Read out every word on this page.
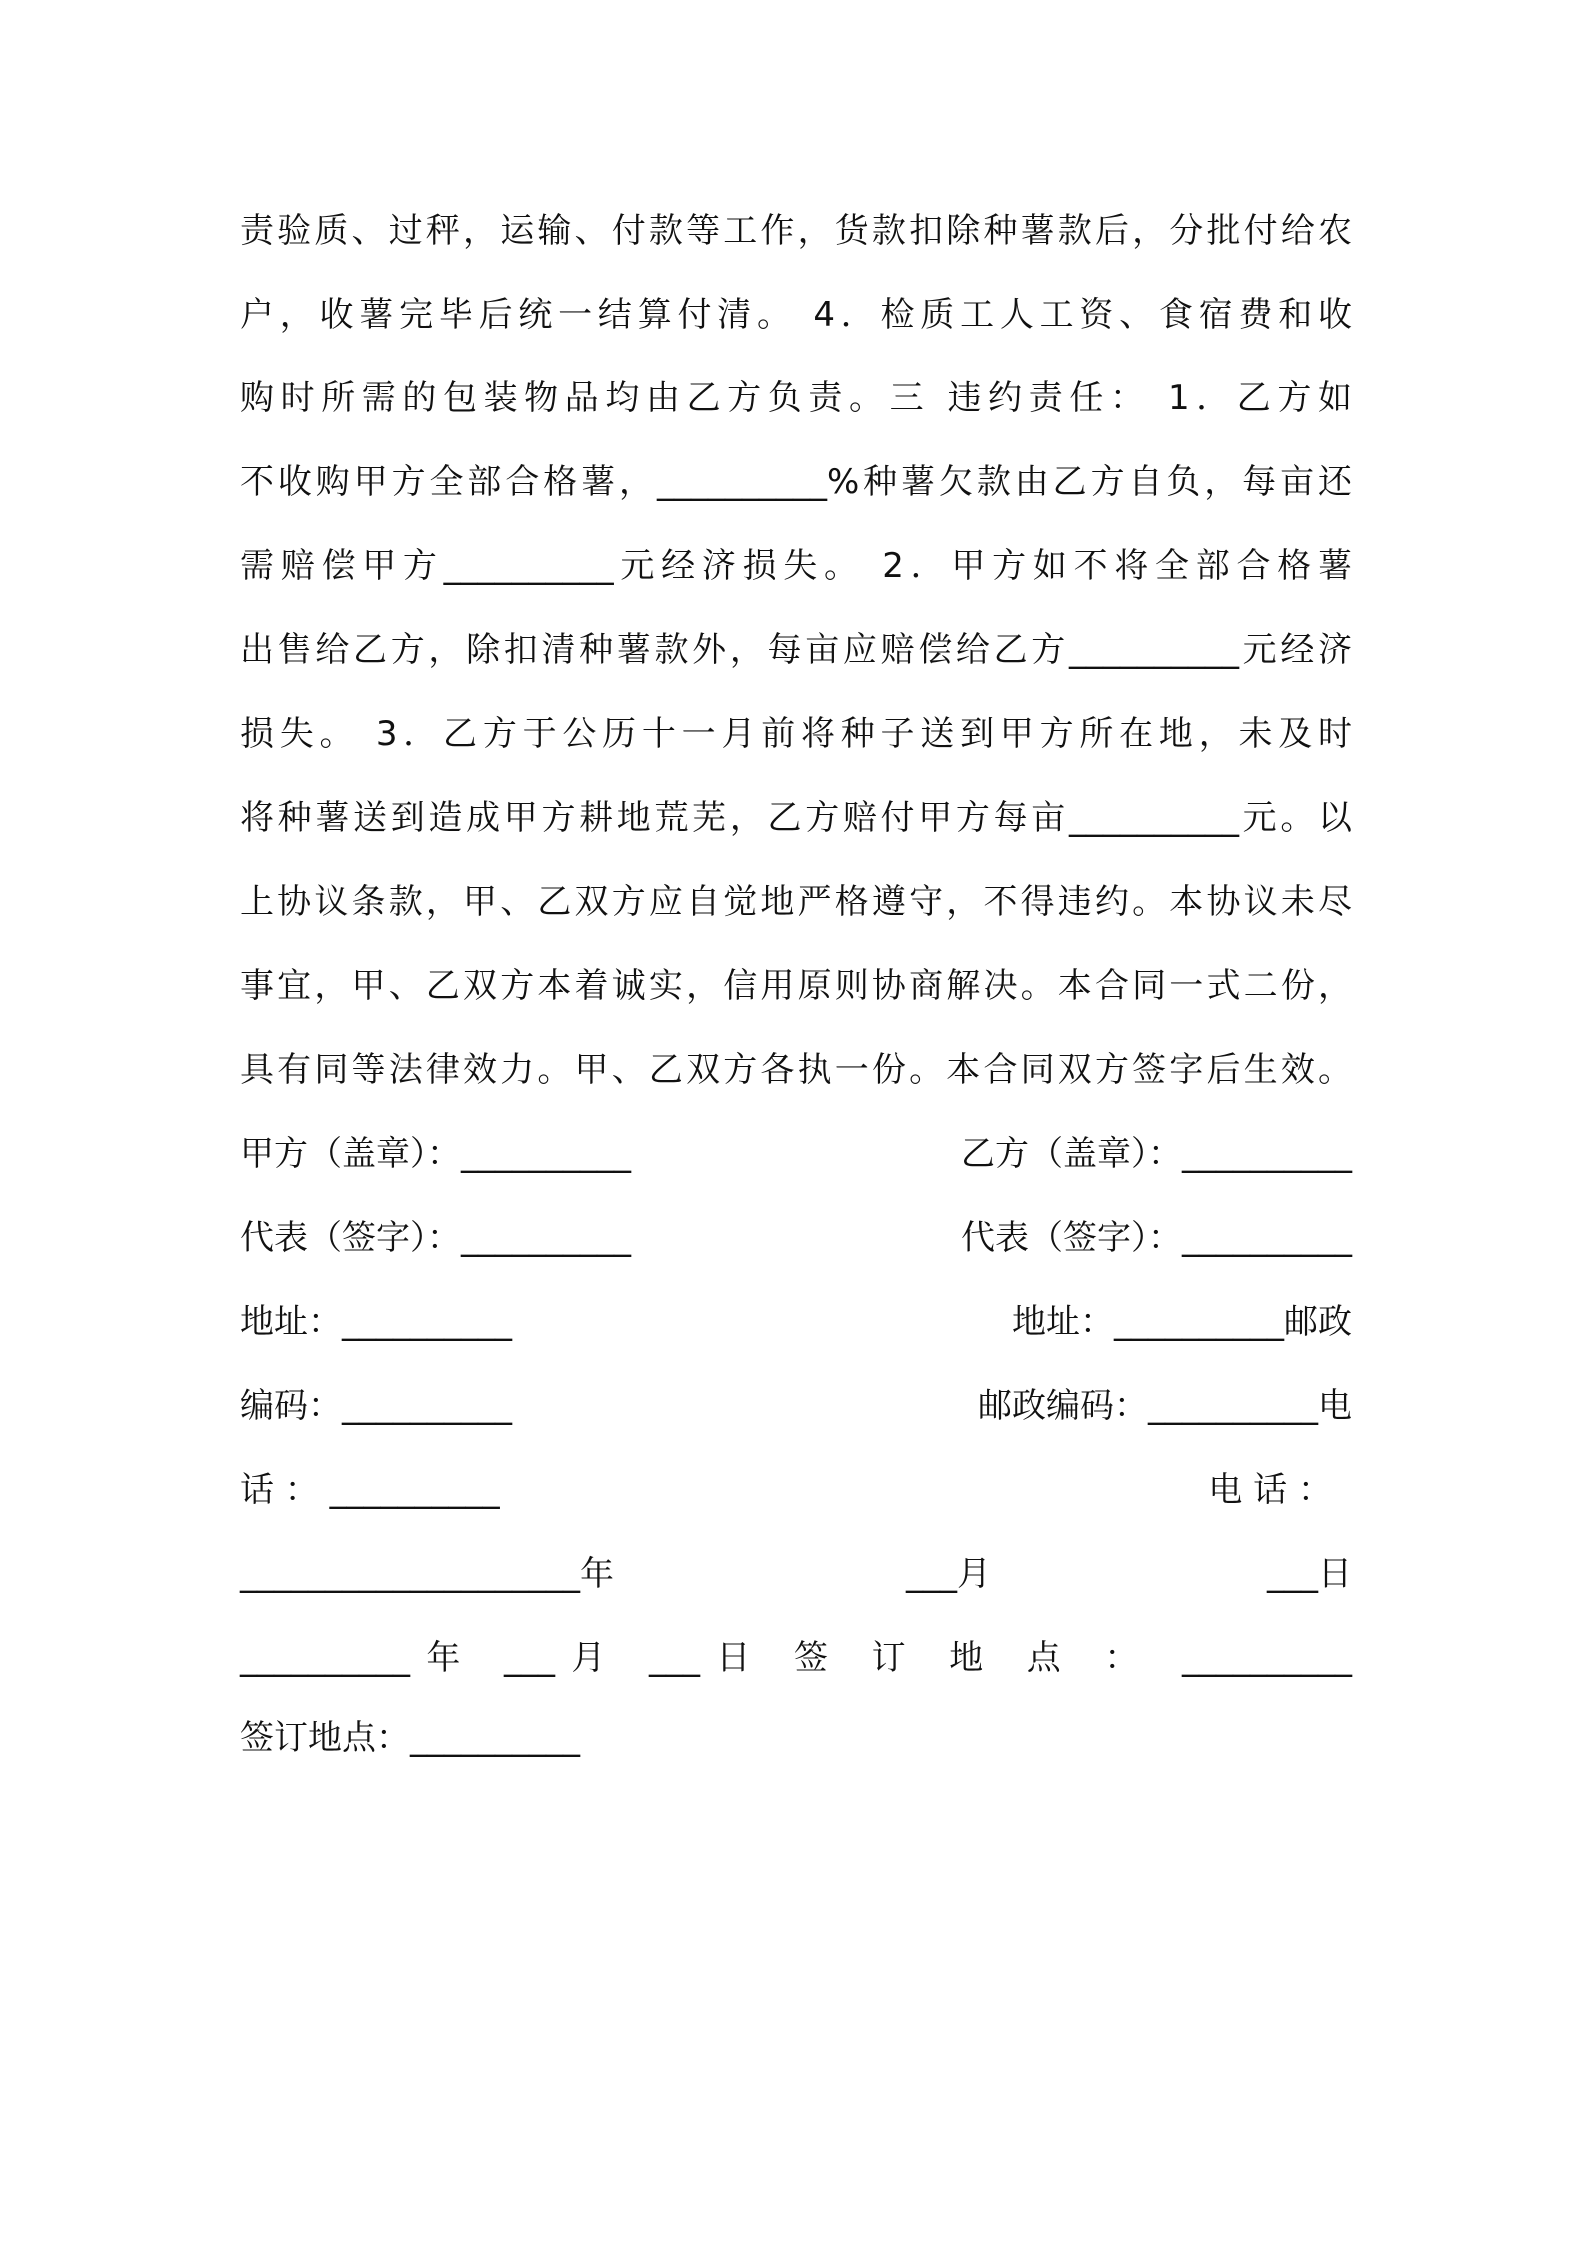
责验质、过秤，运输、付款等工作，货款扣除种薯款后，分批付给农
户，收薯完毕后统一结算付清。 4．检质工人工资、食宿费和收
购时所需的包装物品均由乙方负责。三 违约责任： 1．乙方如
不收购甲方全部合格薯，__________%种薯欠款由乙方自负，每亩还
需赔偿甲方__________元经济损失。 2．甲方如不将全部合格薯
出售给乙方，除扣清种薯款外，每亩应赔偿给乙方__________元经济
损失。 3．乙方于公历十一月前将种子送到甲方所在地，未及时
将种薯送到造成甲方耕地荒芜，乙方赔付甲方每亩__________元。以
上协议条款，甲、乙双方应自觉地严格遵守，不得违约。本协议未尽
事宜，甲、乙双方本着诚实，信用原则协商解决。本合同一式二份，
具有同等法律效力。甲、乙双方各执一份。本合同双方签字后生效。
甲方（盖章）：__________	乙方（盖章）：__________
代表（签字）：__________	代表（签字）：__________
地址：__________	地址：__________邮政
编码：__________	邮政编码：__________电
话 ： __________	电 话 ：
____________________年	___月	___日
__________年 ___月 ___日 签 订 地 点 ： __________
签订地点：__________
